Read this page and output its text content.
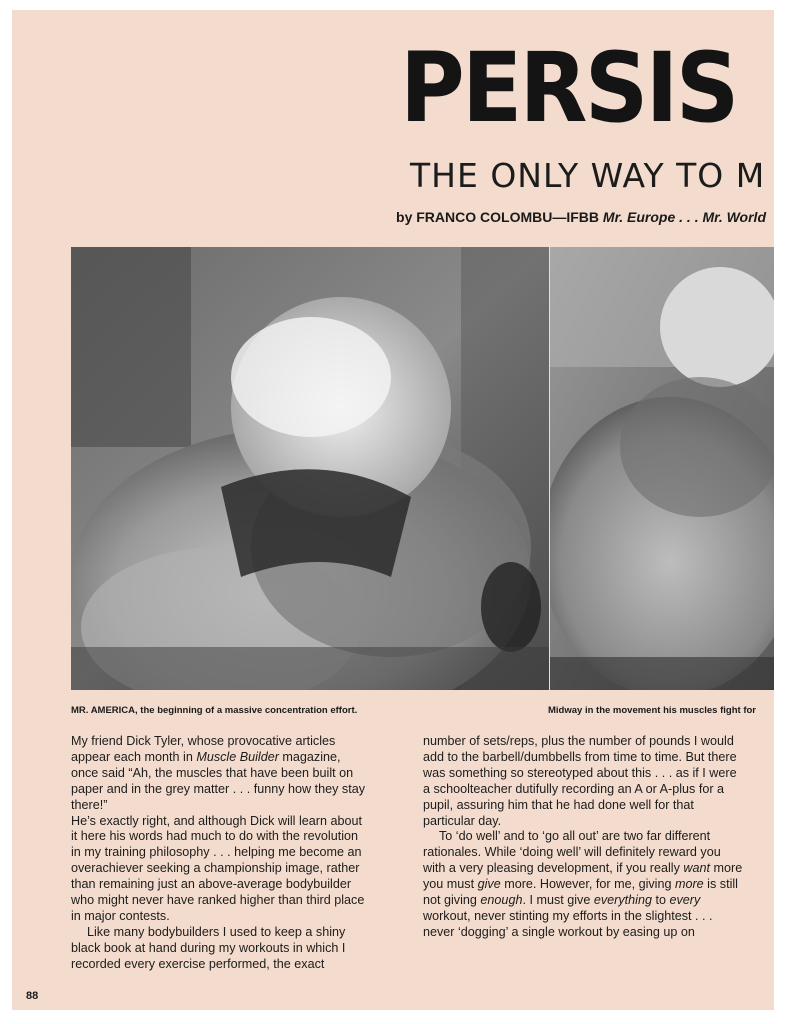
PERSIS
THE ONLY WAY TO M
by FRANCO COLOMBU—IFBB Mr. Europe . . . Mr. World
MR. AMERICA, the beginning of a massive concentration effort.	Midway in the movement his muscles fight for

My friend Dick Tyler, whose provocative articles appear each month in Muscle Builder magazine, once said “Ah, the muscles that have been built on paper and in the grey matter . . . funny how they stay there!”

He’s exactly right, and although Dick will learn about it here his words had much to do with the revolution in my training philosophy . . . helping me become an overachiever seeking a championship image, rather than remaining just an above-average bodybuilder who might never have ranked higher than third place in major contests.

Like many bodybuilders I used to keep a shiny black book at hand during my workouts in which I recorded every exercise performed, the exact

number of sets/reps, plus the number of pounds I would add to the barbell/dumbbells from time to time. But there was something so stereotyped about this . . . as if I were a schoolteacher dutifully recording an A or A-plus for a pupil, assuring him that he had done well for that particular day.

To ‘do well’ and to ‘go all out’ are two far different rationales. While ‘doing well’ will definitely reward you with a very pleasing development, if you really want more you must give more. However, for me, giving more is still not giving enough. I must give everything to every workout, never stinting my efforts in the slightest . . . never ‘dogging’ a single workout by easing up on

88
